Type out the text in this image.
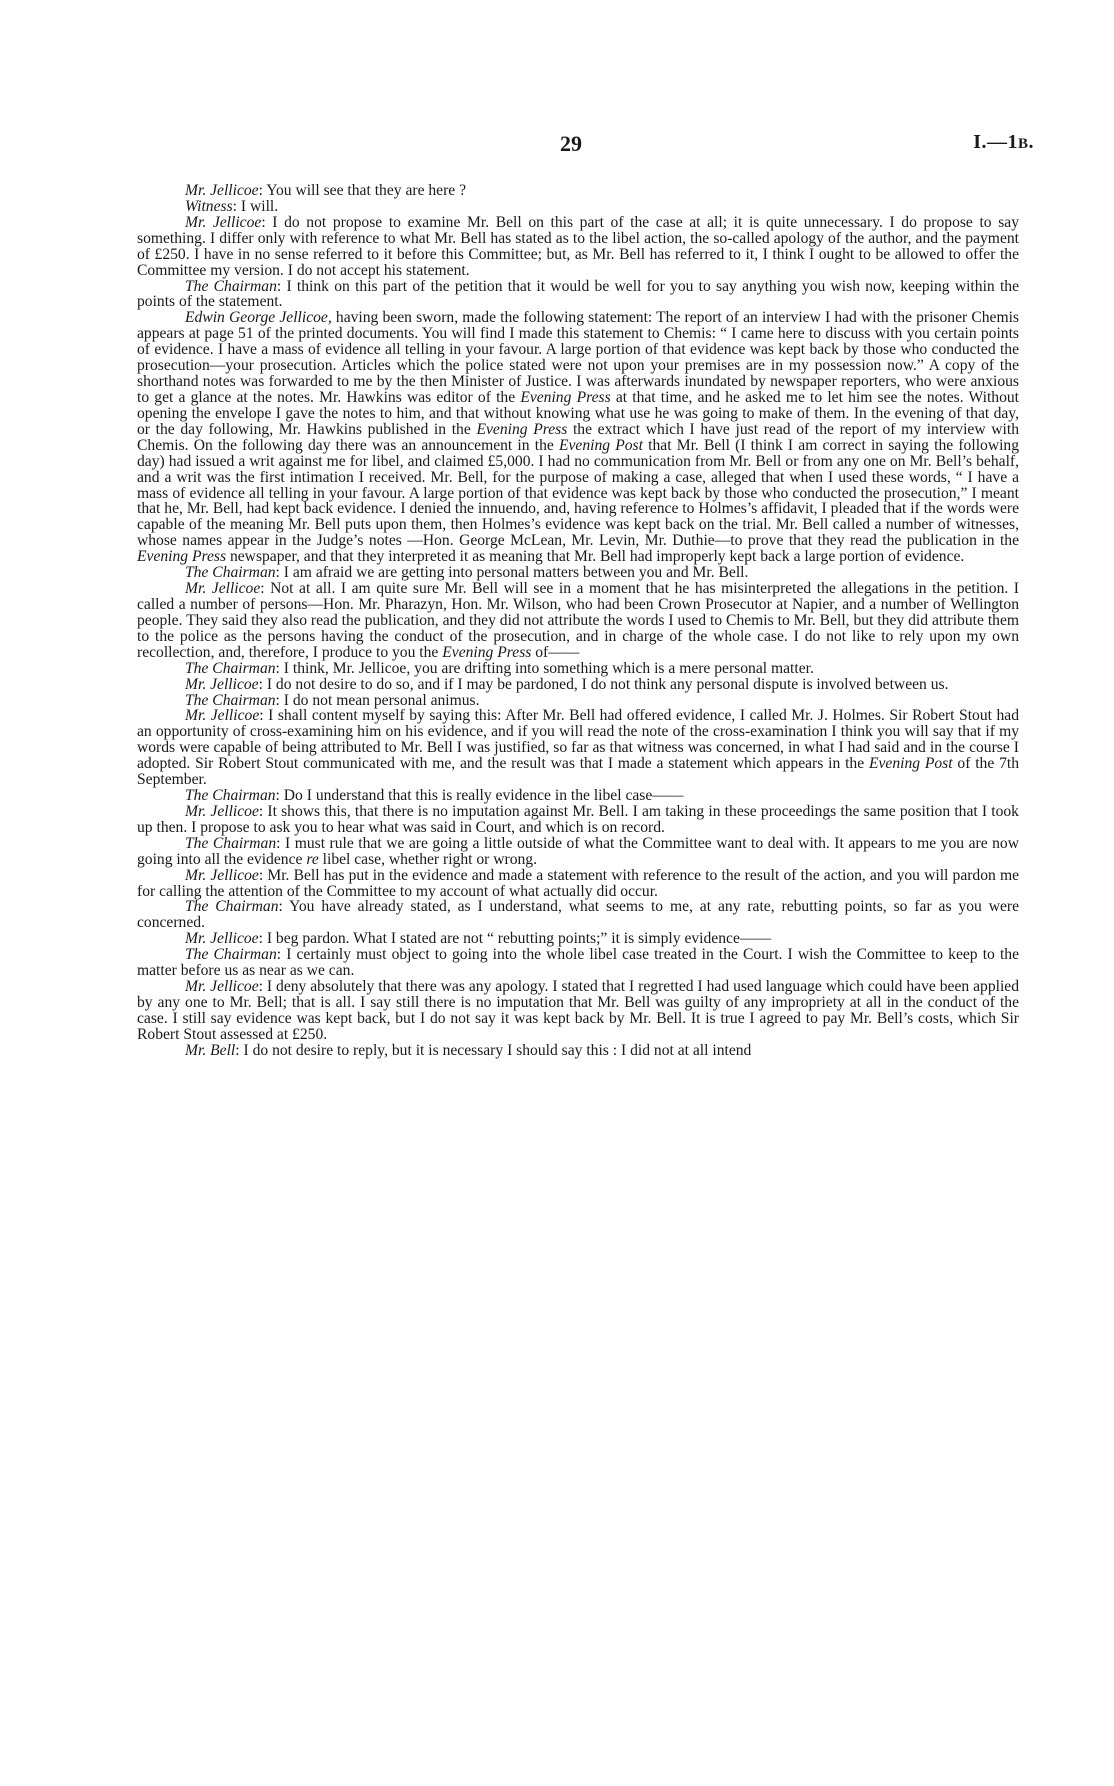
29	I.—1B.

Mr. Jellicoe: You will see that they are here ?

Witness: I will.

Mr. Jellicoe: I do not propose to examine Mr. Bell on this part of the case at all; it is quite unnecessary. I do propose to say something. I differ only with reference to what Mr. Bell has stated as to the libel action, the so-called apology of the author, and the payment of £250. I have in no sense referred to it before this Committee; but, as Mr. Bell has referred to it, I think I ought to be allowed to offer the Committee my version. I do not accept his statement.

The Chairman: I think on this part of the petition that it would be well for you to say anything you wish now, keeping within the points of the statement.

Edwin George Jellicoe, having been sworn, made the following statement: The report of an interview I had with the prisoner Chemis appears at page 51 of the printed documents. You will find I made this statement to Chemis: “ I came here to discuss with you certain points of evidence. I have a mass of evidence all telling in your favour. A large portion of that evidence was kept back by those who conducted the prosecution—your prosecution. Articles which the police stated were not upon your premises are in my possession now.” A copy of the shorthand notes was forwarded to me by the then Minister of Justice. I was afterwards inundated by newspaper reporters, who were anxious to get a glance at the notes. Mr. Hawkins was editor of the Evening Press at that time, and he asked me to let him see the notes. Without opening the envelope I gave the notes to him, and that without knowing what use he was going to make of them. In the evening of that day, or the day following, Mr. Hawkins published in the Evening Press the extract which I have just read of the report of my interview with Chemis. On the following day there was an announcement in the Evening Post that Mr. Bell (I think I am correct in saying the following day) had issued a writ against me for libel, and claimed £5,000. I had no communication from Mr. Bell or from any one on Mr. Bell’s behalf, and a writ was the first intimation I received. Mr. Bell, for the purpose of making a case, alleged that when I used these words, “ I have a mass of evidence all telling in your favour. A large portion of that evidence was kept back by those who conducted the prosecution,” I meant that he, Mr. Bell, had kept back evidence. I denied the innuendo, and, having reference to Holmes’s affidavit, I pleaded that if the words were capable of the meaning Mr. Bell puts upon them, then Holmes’s evidence was kept back on the trial. Mr. Bell called a number of witnesses, whose names appear in the Judge’s notes —Hon. George McLean, Mr. Levin, Mr. Duthie—to prove that they read the publication in the Evening Press newspaper, and that they interpreted it as meaning that Mr. Bell had improperly kept back a large portion of evidence.

The Chairman: I am afraid we are getting into personal matters between you and Mr. Bell.

Mr. Jellicoe: Not at all. I am quite sure Mr. Bell will see in a moment that he has misinterpreted the allegations in the petition. I called a number of persons—Hon. Mr. Pharazyn, Hon. Mr. Wilson, who had been Crown Prosecutor at Napier, and a number of Wellington people. They said they also read the publication, and they did not attribute the words I used to Chemis to Mr. Bell, but they did attribute them to the police as the persons having the conduct of the prosecution, and in charge of the whole case. I do not like to rely upon my own recollection, and, therefore, I produce to you the Evening Press of——

The Chairman: I think, Mr. Jellicoe, you are drifting into something which is a mere personal matter.

Mr. Jellicoe: I do not desire to do so, and if I may be pardoned, I do not think any personal dispute is involved between us.

The Chairman: I do not mean personal animus.

Mr. Jellicoe: I shall content myself by saying this: After Mr. Bell had offered evidence, I called Mr. J. Holmes. Sir Robert Stout had an opportunity of cross-examining him on his evidence, and if you will read the note of the cross-examination I think you will say that if my words were capable of being attributed to Mr. Bell I was justified, so far as that witness was concerned, in what I had said and in the course I adopted. Sir Robert Stout communicated with me, and the result was that I made a statement which appears in the Evening Post of the 7th September.

The Chairman: Do I understand that this is really evidence in the libel case——

Mr. Jellicoe: It shows this, that there is no imputation against Mr. Bell. I am taking in these proceedings the same position that I took up then. I propose to ask you to hear what was said in Court, and which is on record.

The Chairman: I must rule that we are going a little outside of what the Committee want to deal with. It appears to me you are now going into all the evidence re libel case, whether right or wrong.

Mr. Jellicoe: Mr. Bell has put in the evidence and made a statement with reference to the result of the action, and you will pardon me for calling the attention of the Committee to my account of what actually did occur.

The Chairman: You have already stated, as I understand, what seems to me, at any rate, rebutting points, so far as you were concerned.

Mr. Jellicoe: I beg pardon. What I stated are not “ rebutting points;” it is simply evidence——

The Chairman: I certainly must object to going into the whole libel case treated in the Court. I wish the Committee to keep to the matter before us as near as we can.

Mr. Jellicoe: I deny absolutely that there was any apology. I stated that I regretted I had used language which could have been applied by any one to Mr. Bell; that is all. I say still there is no imputation that Mr. Bell was guilty of any impropriety at all in the conduct of the case. I still say evidence was kept back, but I do not say it was kept back by Mr. Bell. It is true I agreed to pay Mr. Bell’s costs, which Sir Robert Stout assessed at £250.

Mr. Bell: I do not desire to reply, but it is necessary I should say this : I did not at all intend
